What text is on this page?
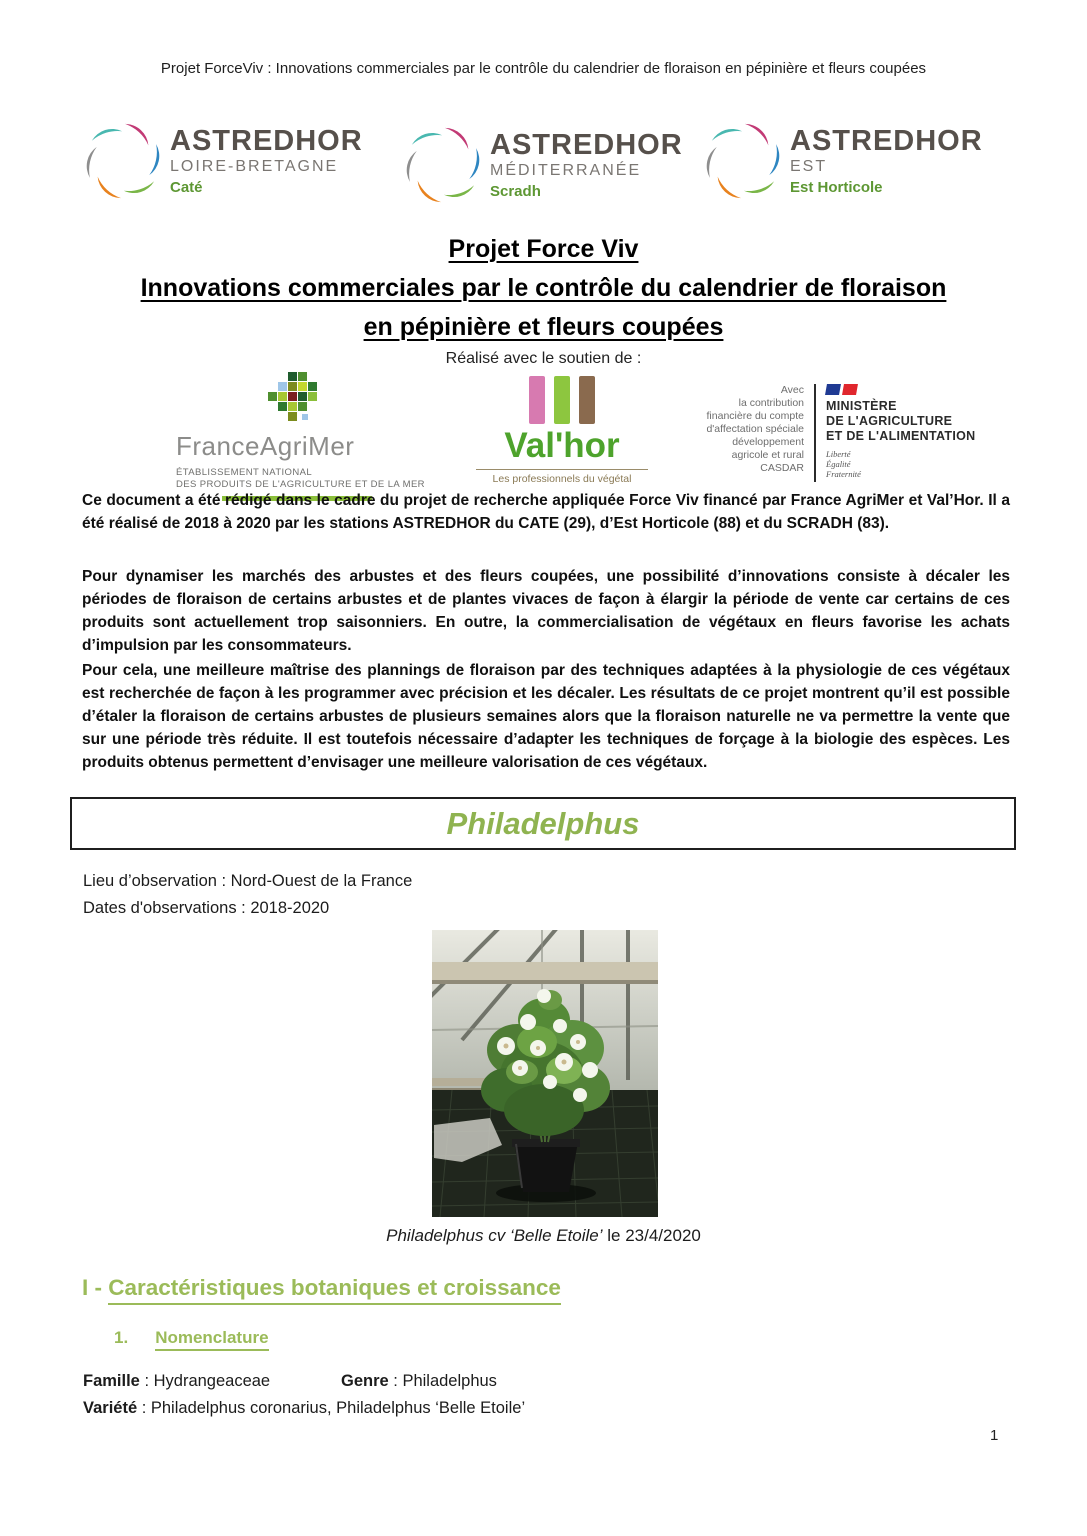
Projet ForceViv : Innovations commerciales par le contrôle du calendrier de floraison en pépinière et fleurs coupées
ASTREDHOR
LOIRE-BRETAGNE
Caté
ASTREDHOR
MÉDITERRANÉE
Scradh
ASTREDHOR
EST
Est Horticole
Projet Force Viv
Innovations commerciales par le contrôle du calendrier de floraison
en pépinière et fleurs coupées
Réalisé avec le soutien de :
FranceAgriMer
ÉTABLISSEMENT NATIONAL
DES PRODUITS DE L'AGRICULTURE ET DE LA MER
Val'hor
Les professionnels du végétal
Avec
la contribution
financière du compte
d'affectation spéciale
développement
agricole et rural
CASDAR
MINISTÈRE
DE L'AGRICULTURE
ET DE L'ALIMENTATION
Liberté
Égalité
Fraternité
Ce document a été rédigé dans le cadre du projet de recherche appliquée Force Viv financé par France AgriMer et Val’Hor. Il a été réalisé de 2018 à 2020 par les stations ASTREDHOR du CATE (29), d’Est Horticole (88) et du SCRADH (83).
Pour dynamiser les marchés des arbustes et des fleurs coupées, une possibilité d’innovations consiste à décaler les périodes de floraison de certains arbustes et de plantes vivaces de façon à élargir la période de vente car certains de ces produits sont actuellement trop saisonniers. En outre, la commercialisation de végétaux en fleurs favorise les achats d’impulsion par les consommateurs.
Pour cela, une meilleure maîtrise des plannings de floraison par des techniques adaptées à la physiologie de ces végétaux est recherchée de façon à les programmer avec précision et les décaler. Les résultats de ce projet montrent qu’il est possible d’étaler la floraison de certains arbustes de plusieurs semaines alors que la floraison naturelle ne va permettre la vente que sur une période très réduite. Il est toutefois nécessaire d’adapter les techniques de forçage à la biologie des espèces. Les produits obtenus permettent d’envisager une meilleure valorisation de ces végétaux.
Philadelphus
Lieu d’observation : Nord-Ouest de la France
Dates d'observations : 2018-2020
Philadelphus cv ‘Belle Etoile’ le 23/4/2020
I - Caractéristiques botaniques et croissance
1. Nomenclature
Famille : Hydrangeaceae	Genre : Philadelphus
Variété : Philadelphus coronarius, Philadelphus ‘Belle Etoile’
1
